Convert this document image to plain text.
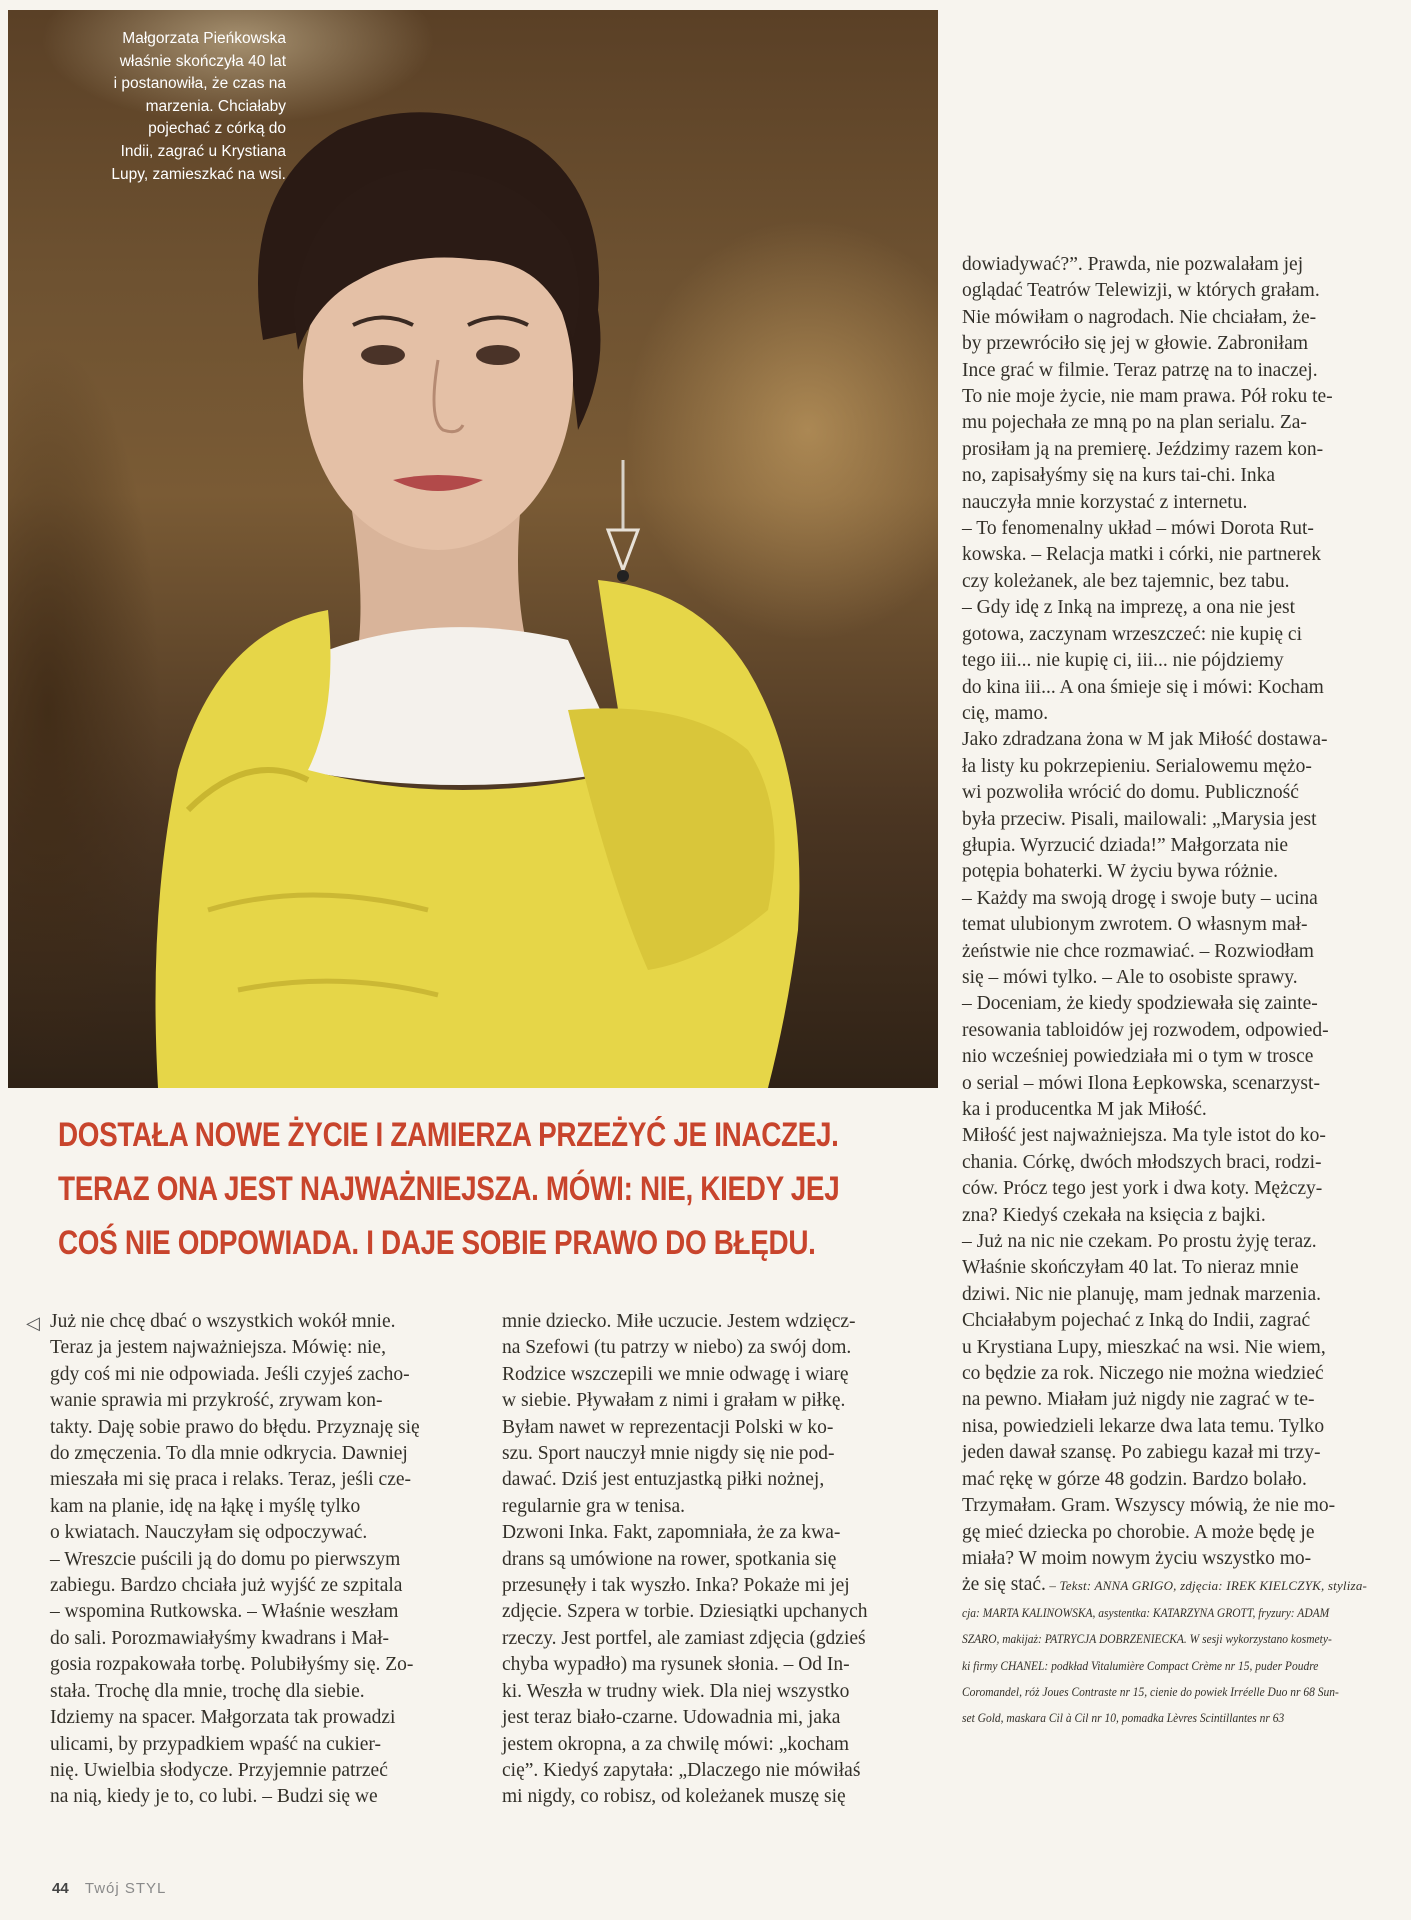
Małgorzata Pieńkowska
właśnie skończyła 40 lat
i postanowiła, że czas na
marzenia. Chciałaby
pojechać z córką do
Indii, zagrać u Krystiana
Lupy, zamieszkać na wsi.

DOSTAŁA NOWE ŻYCIE I ZAMIERZA PRZEŻYĆ JE INACZEJ.
TERAZ ONA JEST NAJWAŻNIEJSZA. MÓWI: NIE, KIEDY JEJ
COŚ NIE ODPOWIADA. I DAJE SOBIE PRAWO DO BŁĘDU.
◁ Już nie chcę dbać o wszystkich wokół mnie.
Teraz ja jestem najważniejsza. Mówię: nie,
gdy coś mi nie odpowiada. Jeśli czyjeś zacho-
wanie sprawia mi przykrość, zrywam kon-
takty. Daję sobie prawo do błędu. Przyznaję się
do zmęczenia. To dla mnie odkrycia. Dawniej
mieszała mi się praca i relaks. Teraz, jeśli cze-
kam na planie, idę na łąkę i myślę tylko
o kwiatach. Nauczyłam się odpoczywać.
– Wreszcie puścili ją do domu po pierwszym
zabiegu. Bardzo chciała już wyjść ze szpitala
– wspomina Rutkowska. – Właśnie weszłam
do sali. Porozmawiałyśmy kwadrans i Mał-
gosia rozpakowała torbę. Polubiłyśmy się. Zo-
stała. Trochę dla mnie, trochę dla siebie.
Idziemy na spacer. Małgorzata tak prowadzi
ulicami, by przypadkiem wpaść na cukier-
nię. Uwielbia słodycze. Przyjemnie patrzeć
na nią, kiedy je to, co lubi. – Budzi się we
mnie dziecko. Miłe uczucie. Jestem wdzięcz-
na Szefowi (tu patrzy w niebo) za swój dom.
Rodzice wszczepili we mnie odwagę i wiarę
w siebie. Pływałam z nimi i grałam w piłkę.
Byłam nawet w reprezentacji Polski w ko-
szu. Sport nauczył mnie nigdy się nie pod-
dawać. Dziś jest entuzjastką piłki nożnej,
regularnie gra w tenisa.
Dzwoni Inka. Fakt, zapomniała, że za kwa-
drans są umówione na rower, spotkania się
przesunęły i tak wyszło. Inka? Pokaże mi jej
zdjęcie. Szpera w torbie. Dziesiątki upchanych
rzeczy. Jest portfel, ale zamiast zdjęcia (gdzieś
chyba wypadło) ma rysunek słonia. – Od In-
ki. Weszła w trudny wiek. Dla niej wszystko
jest teraz biało-czarne. Udowadnia mi, jaka
jestem okropna, a za chwilę mówi: „kocham
cię”. Kiedyś zapytała: „Dlaczego nie mówiłaś
mi nigdy, co robisz, od koleżanek muszę się
dowiadywać?”. Prawda, nie pozwalałam jej
oglądać Teatrów Telewizji, w których grałam.
Nie mówiłam o nagrodach. Nie chciałam, że-
by przewróciło się jej w głowie. Zabroniłam
Ince grać w filmie. Teraz patrzę na to inaczej.
To nie moje życie, nie mam prawa. Pół roku te-
mu pojechała ze mną po na plan serialu. Za-
prosiłam ją na premierę. Jeździmy razem kon-
no, zapisałyśmy się na kurs tai-chi. Inka
nauczyła mnie korzystać z internetu.
– To fenomenalny układ – mówi Dorota Rut-
kowska. – Relacja matki i córki, nie partnerek
czy koleżanek, ale bez tajemnic, bez tabu.
– Gdy idę z Inką na imprezę, a ona nie jest
gotowa, zaczynam wrzeszczeć: nie kupię ci
tego iii... nie kupię ci, iii... nie pójdziemy
do kina iii... A ona śmieje się i mówi: Kocham
cię, mamo.
Jako zdradzana żona w M jak Miłość dostawa-
ła listy ku pokrzepieniu. Serialowemu mężo-
wi pozwoliła wrócić do domu. Publiczność
była przeciw. Pisali, mailowali: „Marysia jest
głupia. Wyrzucić dziada!” Małgorzata nie
potępia bohaterki. W życiu bywa różnie.
– Każdy ma swoją drogę i swoje buty – ucina
temat ulubionym zwrotem. O własnym mał-
żeństwie nie chce rozmawiać. – Rozwiodłam
się – mówi tylko. – Ale to osobiste sprawy.
– Doceniam, że kiedy spodziewała się zainte-
resowania tabloidów jej rozwodem, odpowied-
nio wcześniej powiedziała mi o tym w trosce
o serial – mówi Ilona Łepkowska, scenarzyst-
ka i producentka M jak Miłość.
Miłość jest najważniejsza. Ma tyle istot do ko-
chania. Córkę, dwóch młodszych braci, rodzi-
ców. Prócz tego jest york i dwa koty. Mężczy-
zna? Kiedyś czekała na księcia z bajki.
– Już na nic nie czekam. Po prostu żyję teraz.
Właśnie skończyłam 40 lat. To nieraz mnie
dziwi. Nic nie planuję, mam jednak marzenia.
Chciałabym pojechać z Inką do Indii, zagrać
u Krystiana Lupy, mieszkać na wsi. Nie wiem,
co będzie za rok. Niczego nie można wiedzieć
na pewno. Miałam już nigdy nie zagrać w te-
nisa, powiedzieli lekarze dwa lata temu. Tylko
jeden dawał szansę. Po zabiegu kazał mi trzy-
mać rękę w górze 48 godzin. Bardzo bolało.
Trzymałam. Gram. Wszyscy mówią, że nie mo-
gę mieć dziecka po chorobie. A może będę je
miała? W moim nowym życiu wszystko mo-
że się stać. – Tekst: ANNA GRIGO, zdjęcia: IREK KIELCZYK, styliza-
cja: MARTA KALINOWSKA, asystentka: KATARZYNA GROTT, fryzury: ADAM
SZARO, makijaż: PATRYCJA DOBRZENIECKA. W sesji wykorzystano kosmety-
ki firmy CHANEL: podkład Vitalumière Compact Crème nr 15, puder Poudre
Coromandel, róż Joues Contraste nr 15, cienie do powiek Irréelle Duo nr 68 Sun-
set Gold, maskara Cil à Cil nr 10, pomadka Lèvres Scintillantes nr 63
44 Twój STYL
